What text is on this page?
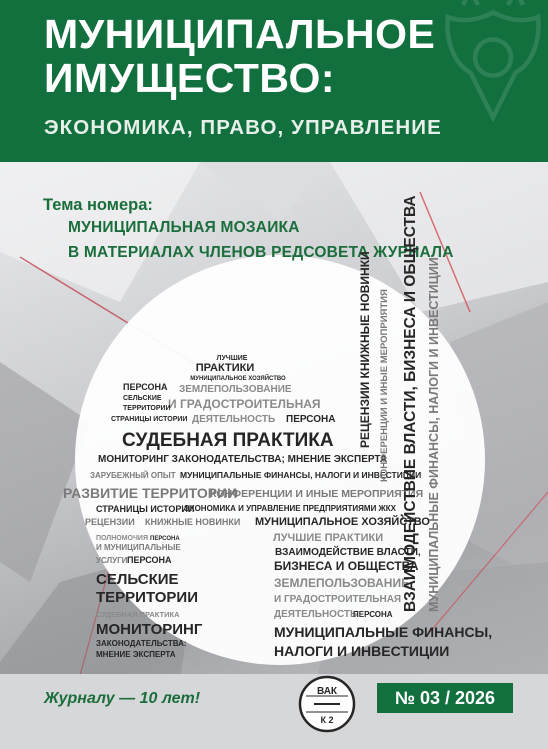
МУНИЦИПАЛЬНОЕ
ИМУЩЕСТВО:
ЭКОНОМИКА, ПРАВО, УПРАВЛЕНИЕ
Тема номера:
МУНИЦИПАЛЬНАЯ МОЗАИКА
В МАТЕРИАЛАХ ЧЛЕНОВ РЕДСОВЕТА ЖУРНАЛА
ЛУЧШИЕ
ПРАКТИКИ
МУНИЦИПАЛЬНОЕ ХОЗЯЙСТВО
ПЕРСОНА ЗЕМЛЕПОЛЬЗОВАНИЕ
СЕЛЬСКИЕ И ГРАДОСТРОИТЕЛЬНАЯ
ТЕРРИТОРИИ
СТРАНИЦЫ ИСТОРИИ ДЕЯТЕЛЬНОСТЬ ПЕРСОНА
СУДЕБНАЯ ПРАКТИКА
МОНИТОРИНГ ЗАКОНОДАТЕЛЬСТВА; МНЕНИЕ ЭКСПЕРТА
ЗАРУБЕЖНЫЙ ОПЫТ МУНИЦИПАЛЬНЫЕ ФИНАНСЫ, НАЛОГИ И ИНВЕСТИЦИИ
РАЗВИТИЕ ТЕРРИТОРИИ
КОНФЕРЕНЦИИ И ИНЫЕ МЕРОПРИЯТИЯ
СТРАНИЦЫ ИСТОРИИ
ЭКОНОМИКА И УПРАВЛЕНИЕ ПРЕДПРИЯТИЯМИ ЖКХ
РЕЦЕНЗИИ КНИЖНЫЕ НОВИНКИ МУНИЦИПАЛЬНОЕ ХОЗЯЙСТВО
ПОЛНОМОЧИЯ ПЕРСОНА	ЛУЧШИЕ ПРАКТИКИ
И МУНИЦИПАЛЬНЫЕ	ВЗАИМОДЕЙСТВИЕ ВЛАСТИ,
УСЛУГИ ПЕРСОНА	БИЗНЕСА И ОБЩЕСТВА
СЕЛЬСКИЕ	ЗЕМЛЕПОЛЬЗОВАНИЕ
ТЕРРИТОРИИ	И ГРАДОСТРОИТЕЛЬНАЯ
СУДЕБНАЯ ПРАКТИКА	ДЕЯТЕЛЬНОСТЬ
ПЕРСОНА
МОНИТОРИНГ	МУНИЦИПАЛЬНЫЕ ФИНАНСЫ,
ЗАКОНОДАТЕЛЬСТВА:	НАЛОГИ И ИНВЕСТИЦИИ
МНЕНИЕ ЭКСПЕРТА
РЕЦЕНЗИИ КНИЖНЫЕ НОВИНКИ КОНФЕРЕНЦИИ И ИНЫЕ МЕРОПРИЯТИЯ ВЗАИМОДЕЙСТВИЕ ВЛАСТИ, БИЗНЕСА И ОБЩЕСТВА МУНИЦИПАЛЬНЫЕ ФИНАНСЫ, НАЛОГИ И ИНВЕСТИЦИИ
Журналу — 10 лет!	ВАК
К 2
№ 03 / 2026
